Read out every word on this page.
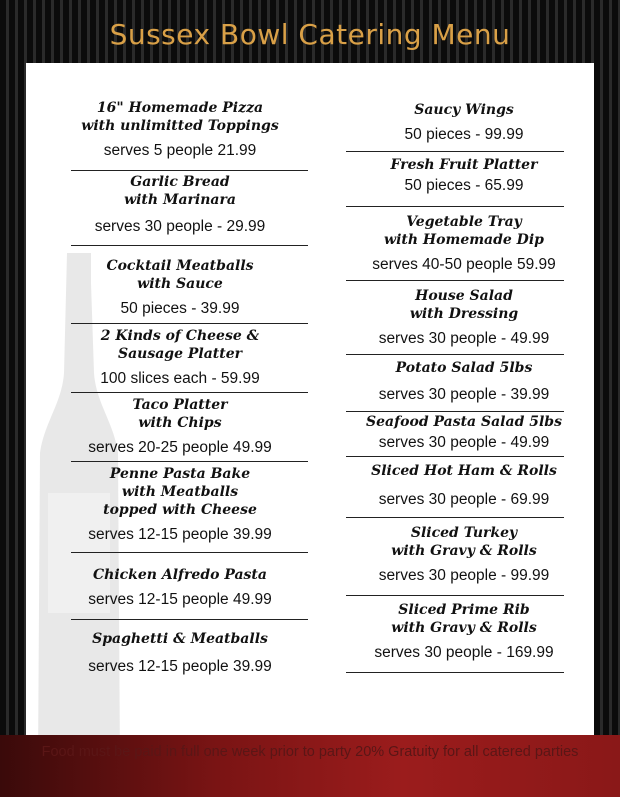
Sussex Bowl Catering Menu
16" Homemade Pizza
with unlimitted Toppings
serves 5 people 21.99
Garlic Bread
with Marinara
serves 30 people - 29.99
Cocktail Meatballs
with Sauce
50 pieces - 39.99
2 Kinds of Cheese &
Sausage Platter
100 slices each - 59.99
Taco Platter
with Chips
serves 20-25 people 49.99
Penne Pasta Bake
with Meatballs
topped with Cheese
serves 12-15 people 39.99
Chicken Alfredo Pasta
serves 12-15 people 49.99
Spaghetti & Meatballs
serves 12-15 people 39.99
Saucy Wings
50 pieces - 99.99
Fresh Fruit Platter
50 pieces - 65.99
Vegetable Tray
with Homemade Dip
serves 40-50 people 59.99
House Salad
with Dressing
serves 30 people - 49.99
Potato Salad 5lbs
serves 30 people - 39.99
Seafood Pasta Salad 5lbs
serves 30 people - 49.99
Sliced Hot Ham & Rolls
serves 30 people - 69.99
Sliced Turkey
with Gravy & Rolls
serves 30 people - 99.99
Sliced Prime Rib
with Gravy & Rolls
serves 30 people - 169.99
Food must be paid in full one week prior to party 20% Gratuity for all catered parties
